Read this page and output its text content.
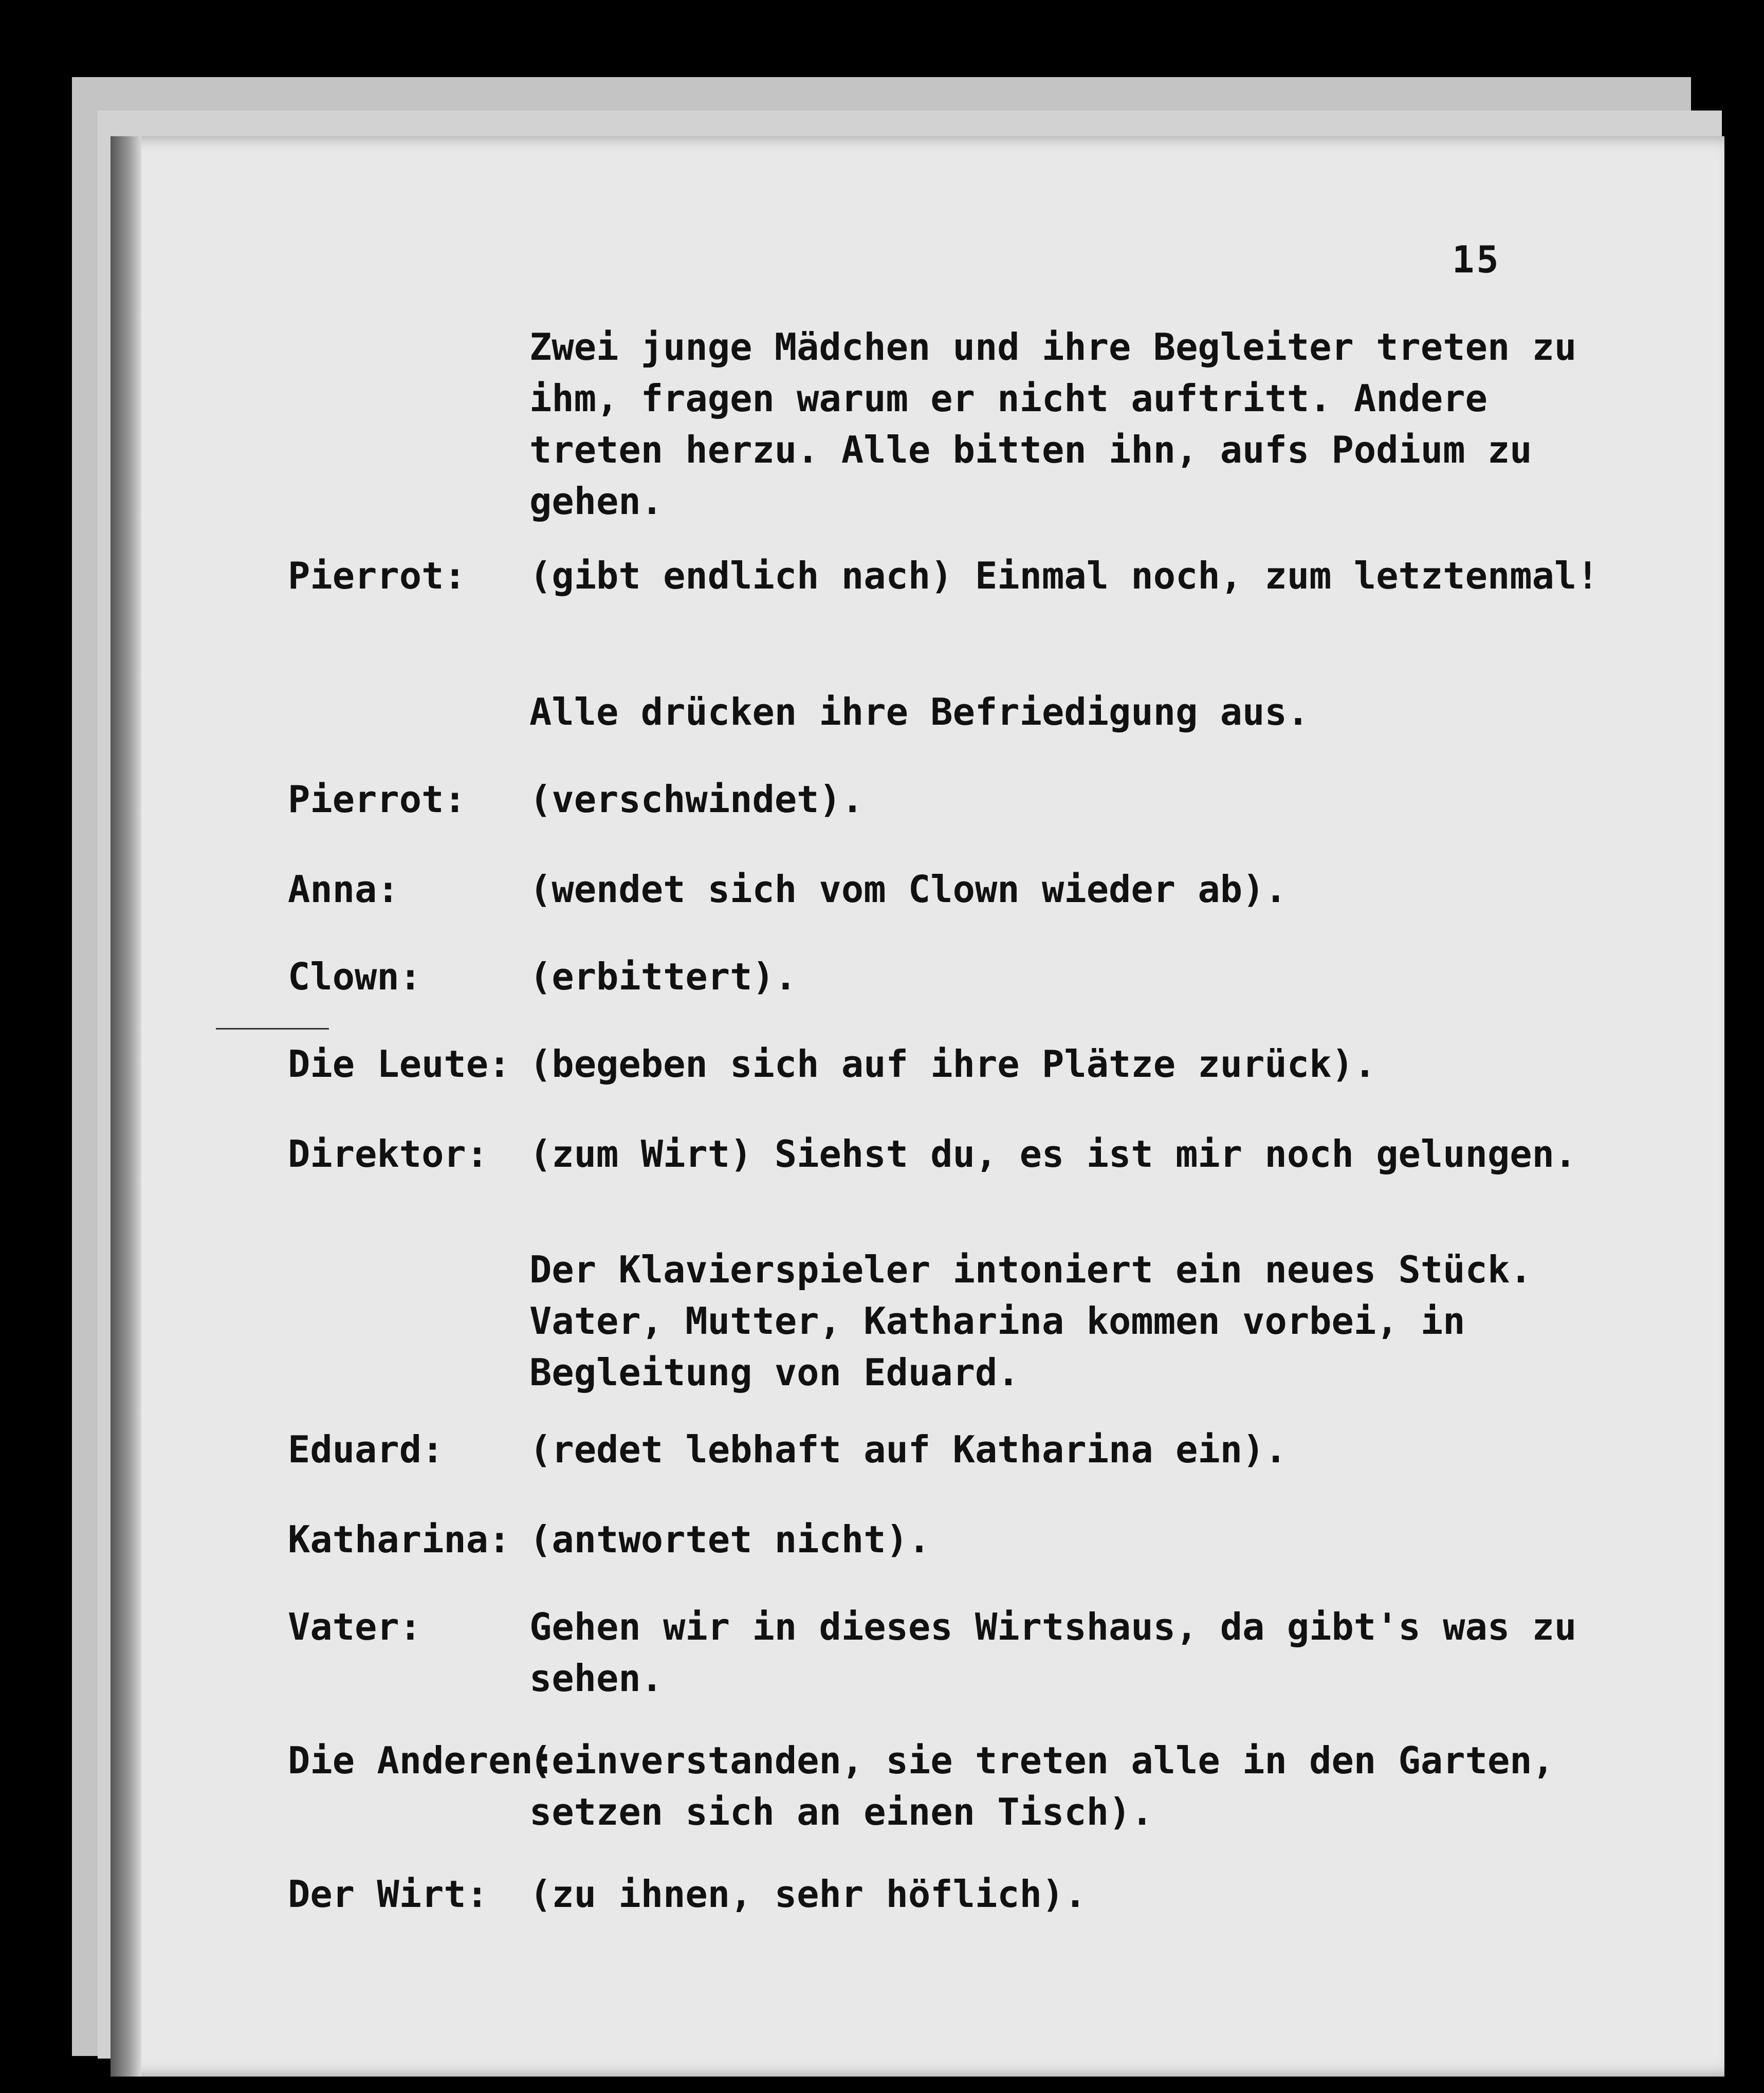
15
Zwei junge Mädchen und ihre Begleiter treten zu ihm, fragen warum er nicht auftritt. Andere treten herzu. Alle bitten ihn, aufs Podium zu gehen.
Pierrot:	(gibt endlich nach) Einmal noch, zum letztenmal!
Alle drücken ihre Befriedigung aus.
Pierrot:	(verschwindet).
Anna:	(wendet sich vom Clown wieder ab).
Clown:	(erbittert).
Die Leute: (begeben sich auf ihre Plätze zurück).
Direktor:	(zum Wirt) Siehst du, es ist mir noch gelungen.
Der Klavierspieler intoniert ein neues Stück. Vater, Mutter, Katharina kommen vorbei, in Begleitung von Eduard.
Eduard:	(redet lebhaft auf Katharina ein).
Katharina: (antwortet nicht).
Vater:	Gehen wir in dieses Wirtshaus, da gibt's was zu sehen.
Die Anderen:
(einverstanden, sie treten alle in den Garten, setzen sich an einen Tisch).
Der Wirt:	(zu ihnen, sehr höflich).
